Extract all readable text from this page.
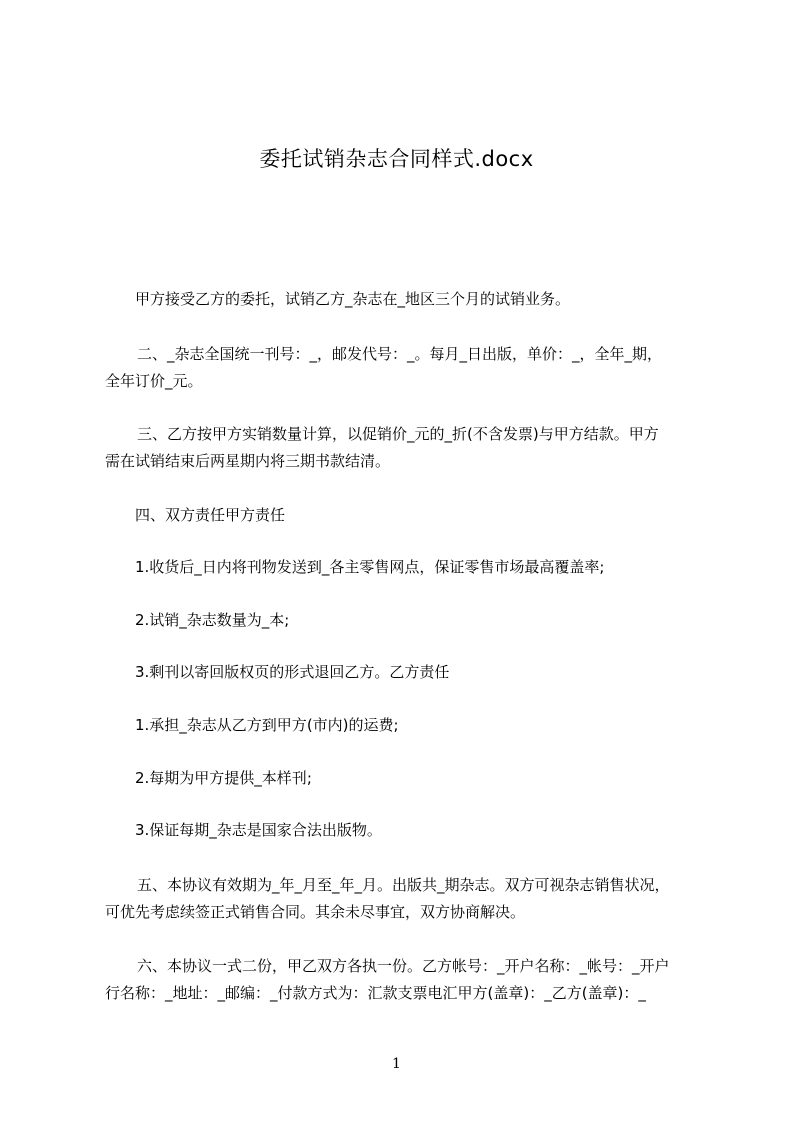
委托试销杂志合同样式.docx
甲方接受乙方的委托，试销乙方_杂志在_地区三个月的试销业务。
二、_杂志全国统一刊号：_，邮发代号：_。每月_日出版，单价：_，全年_期，
全年订价_元。
三、乙方按甲方实销数量计算，以促销价_元的_折(不含发票)与甲方结款。甲方
需在试销结束后两星期内将三期书款结清。
四、双方责任甲方责任
1.收货后_日内将刊物发送到_各主零售网点，保证零售市场最高覆盖率;
2.试销_杂志数量为_本;
3.剩刊以寄回版权页的形式退回乙方。乙方责任
1.承担_杂志从乙方到甲方(市内)的运费;
2.每期为甲方提供_本样刊;
3.保证每期_杂志是国家合法出版物。
五、本协议有效期为_年_月至_年_月。出版共_期杂志。双方可视杂志销售状况，
可优先考虑续签正式销售合同。其余未尽事宜，双方协商解决。
六、本协议一式二份，甲乙双方各执一份。乙方帐号：_开户名称：_帐号：_开户
行名称：_地址：_邮编：_付款方式为：汇款支票电汇甲方(盖章)：_乙方(盖章)：_
1
